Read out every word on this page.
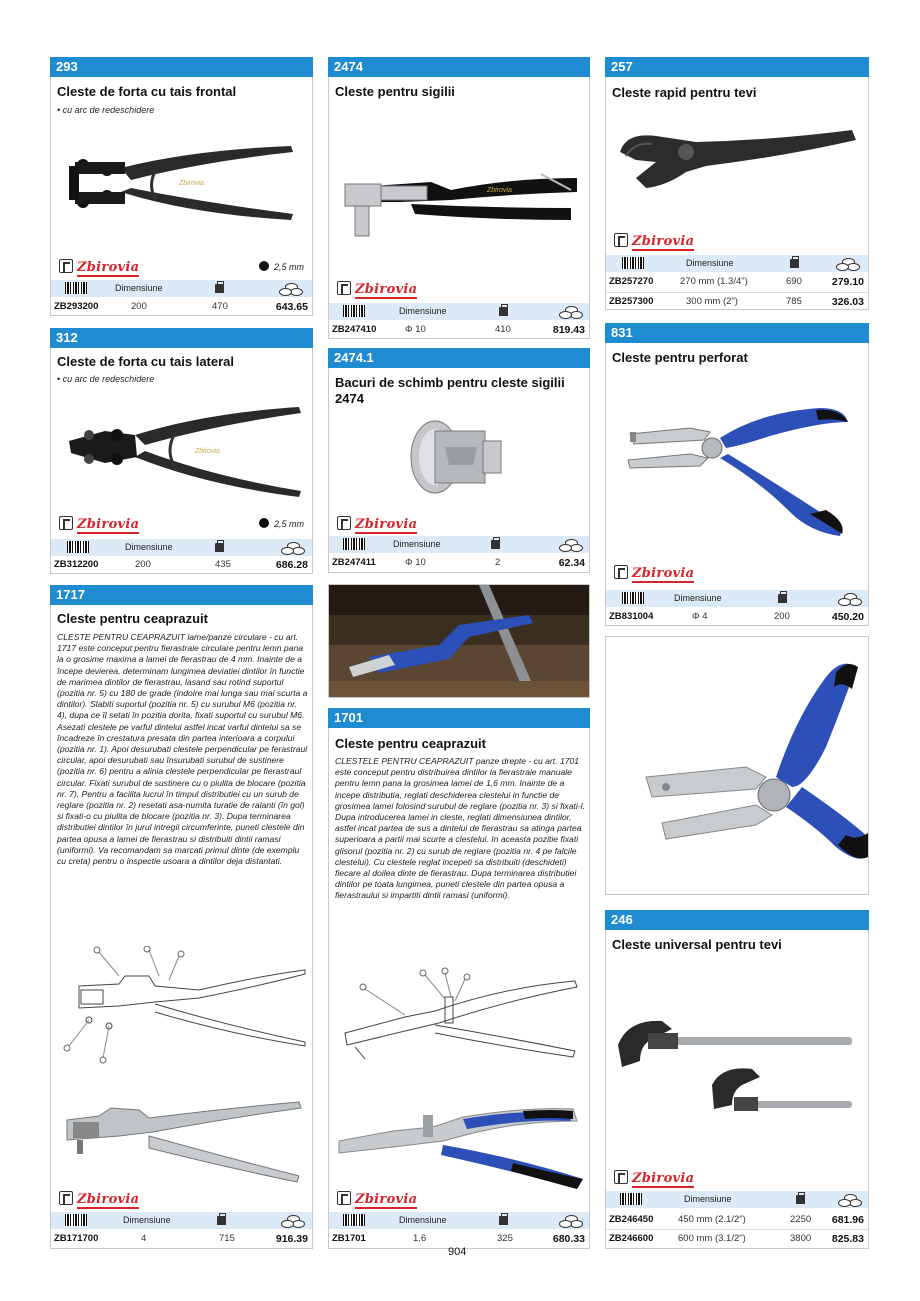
293
Cleste de forta cu tais frontal
• cu arc de redeschidere
Zbirovia
Zbirovia	2,5 mm
Dimensiune
ZB293200	200	470	643.65
312
Cleste de forta cu tais lateral
• cu arc de redeschidere
Zbirovia
Zbirovia	2,5 mm
Dimensiune
ZB312200	200	435	686.28
1717
Cleste pentru ceaprazuit
CLESTE PENTRU CEAPRAZUIT lame/panze circulare - cu art. 1717 este conceput pentru fierastraie circulare pentru lemn pana la o grosime maxima a lamei de fierastrau de 4 mm. Inainte de a începe devierea, determinam lungimea deviatiei dintilor în functie de marimea dintilor de fierastrau, lasand sau rotind suportul (pozitia nr. 5) cu 180 de grade (indoire mai lunga sau mai scurta a dintilor). Slabiti suportul (pozitia nr. 5) cu surubul M6 (pozitia nr. 4), dupa ce îl setati în pozitia dorita, fixati suportul cu surubul M6. Asezati clestele pe varful dintelui astfel incat varful dintelui sa se încadreze în crestatura presata din partea interioara a corpului (pozitia nr. 1). Apoi desurubati clestele perpendicular pe ferastraul circular, apoi desurubati sau însurubati surubul de sustinere (pozitia nr. 6) pentru a alinia clestele perpendicular pe fierastraul circular. Fixati surubul de sustinere cu o piulita de blocare (pozitia nr. 7). Pentru a facilita lucrul în timpul distributiei cu un surub de reglare (pozitia nr. 2) resetati asa-numita turatie de ralanti (în gol) si fixati-o cu piulita de blocare (pozitia nr. 3). Dupa terminarea distributiei dintilor în jurul intregii circumferinte, puneti clestele din partea opusa a lamei de fierastrau si distribuiti dintii ramasi (uniformi). Va recomandam sa marcati primul dinte (de exemplu cu creta) pentru o inspectie usoara a dintilor deja distantati.
Zbirovia
Dimensiune
ZB171700	4	715	916.39
2474
Cleste pentru sigilii
Zbirovia
Zbirovia
Dimensiune
ZB247410	Φ 10	410	819.43
2474.1
Bacuri de schimb pentru cleste sigilii 2474
Zbirovia
Dimensiune
ZB247411	Φ 10	2	62.34
1701
Cleste pentru ceaprazuit
CLESTELE PENTRU CEAPRAZUIT panze drepte - cu art. 1701 este conceput pentru distribuirea dintilor la fierastraie manuale pentru lemn pana la grosimea lamei de 1,6 mm. Inainte de a incepe distributia, reglati deschiderea clestelui in functie de grosimea lamei folosind surubul de reglare (pozitia nr. 3) si fixati-l. Dupa introducerea lamei in cleste, reglati dimensiunea dintilor, astfel incat partea de sus a dintelui de fierastrau sa atinga partea superioara a partii mai scurte a clestelui. In aceasta pozitie fixati glisorul (pozitia nr. 2) cu surub de reglare (pozitia nr. 4 pe falcile clestelui). Cu clestele reglat incepeti sa distribuiti (deschideti) fiecare al doilea dinte de fierastrau. Dupa terminarea distributiei dintilor pe toata lungimea, puneti clestele din partea opusa a fierastraului si impartiti dintii ramasi (uniformi).
Zbirovia
Dimensiune
ZB1701	1.6	325	680.33
257
Cleste rapid pentru tevi
Zbirovia
Dimensiune
ZB257270	270 mm (1.3/4")	690	279.10
ZB257300	300 mm (2")	785	326.03
831
Cleste pentru perforat
Zbirovia
Dimensiune
ZB831004	Φ 4	200	450.20
246
Cleste universal pentru tevi
Zbirovia
Dimensiune
ZB246450	450 mm (2.1/2")	2250 681.96
ZB246600	600 mm (3.1/2")	3800 825.83
904
